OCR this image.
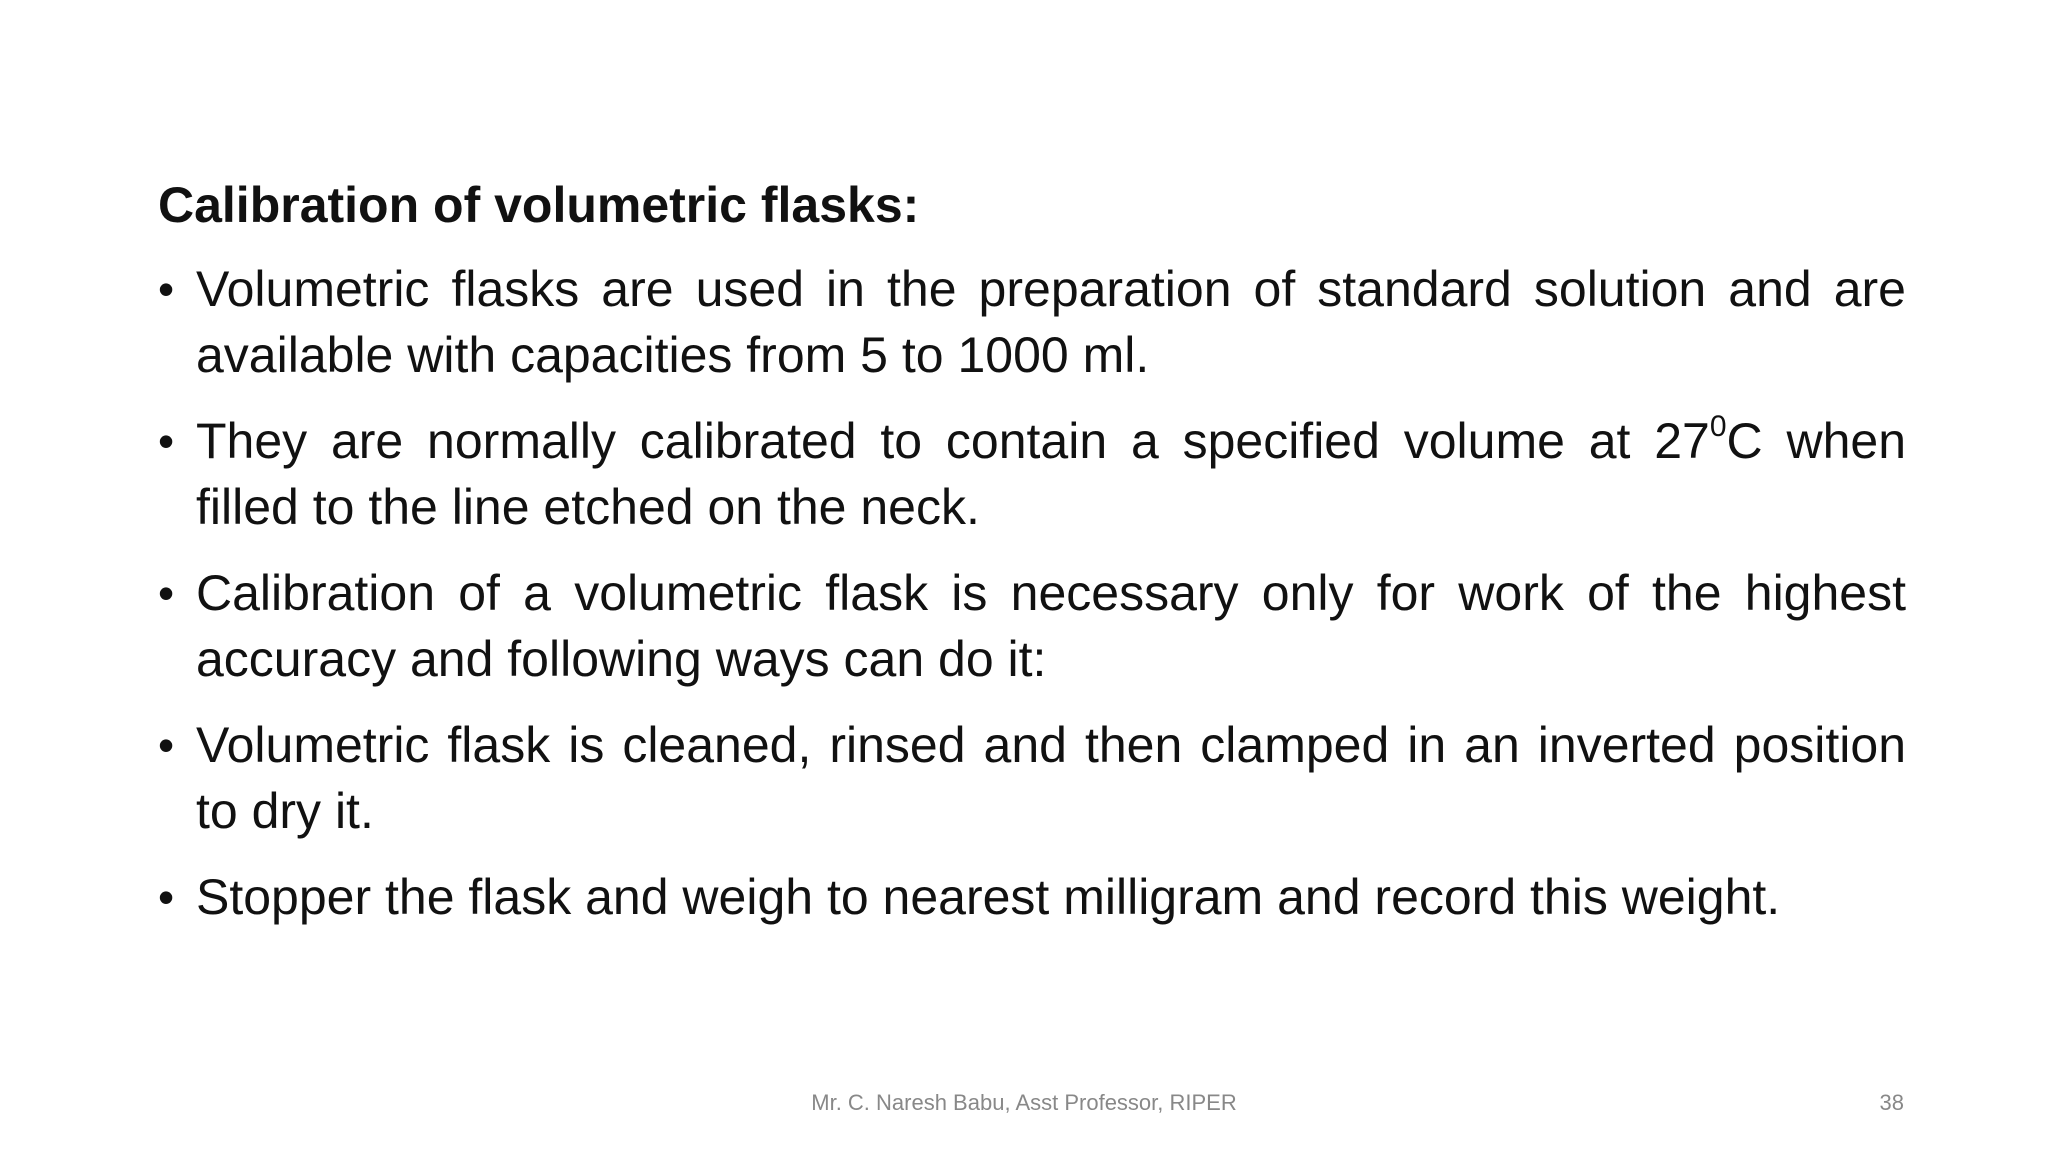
Calibration of volumetric flasks:
• Volumetric flasks are used in the preparation of standard solution and are available with capacities from 5 to 1000 ml.
• They are normally calibrated to contain a specified volume at $27^0C$ when filled to the line etched on the neck.
• Calibration of a volumetric flask is necessary only for work of the highest accuracy and following ways can do it:
• Volumetric flask is cleaned, rinsed and then clamped in an inverted position to dry it.
• Stopper the flask and weigh to nearest milligram and record this weight.
Mr. C. Naresh Babu, Asst Professor, RIPER	38
